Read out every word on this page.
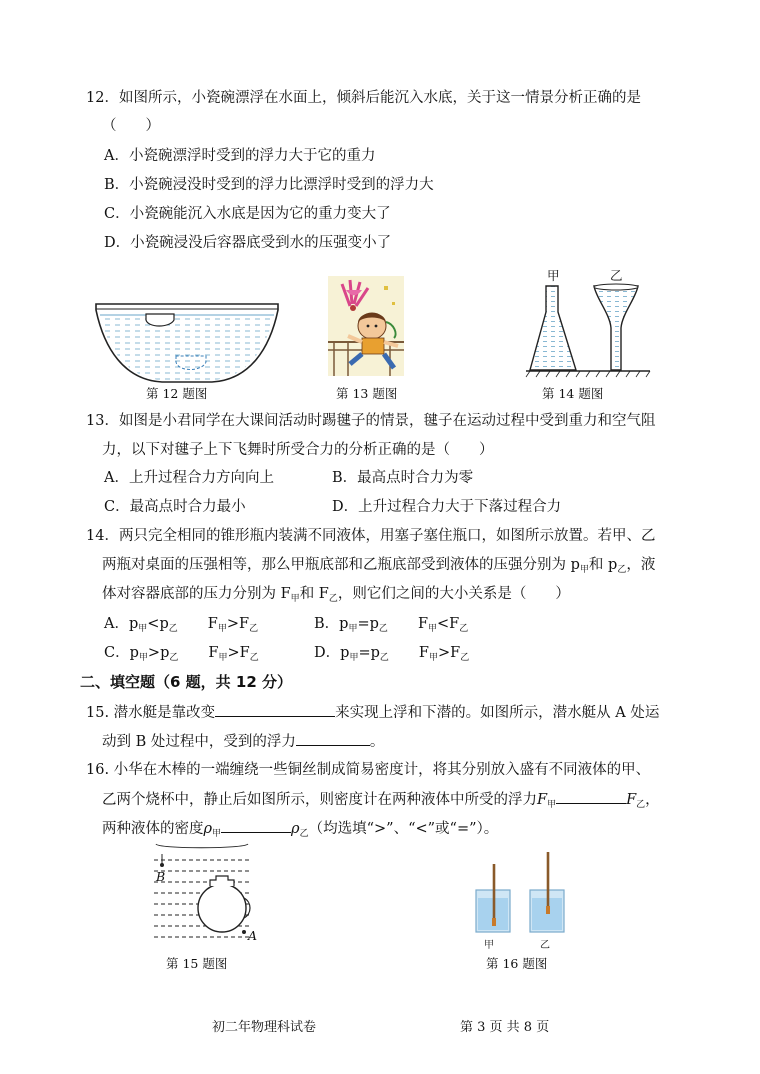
12．如图所示，小瓷碗漂浮在水面上，倾斜后能沉入水底，关于这一情景分析正确的是
（　　）
A．小瓷碗漂浮时受到的浮力大于它的重力
B．小瓷碗浸没时受到的浮力比漂浮时受到的浮力大
C．小瓷碗能沉入水底是因为它的重力变大了
D．小瓷碗浸没后容器底受到水的压强变小了
第 12 题图	第 13 题图
甲	乙
第 14 题图
13．如图是小君同学在大课间活动时踢毽子的情景，毽子在运动过程中受到重力和空气阻
力，以下对毽子上下飞舞时所受合力的分析正确的是（　　）
A．上升过程合力方向向上	B．最高点时合力为零
C．最高点时合力最小	D．上升过程合力大于下落过程合力
14．两只完全相同的锥形瓶内装满不同液体，用塞子塞住瓶口，如图所示放置。若甲、乙
两瓶对桌面的压强相等，那么甲瓶底部和乙瓶底部受到液体的压强分别为 $p_甲$和 $p_乙$，液
体对容器底部的压力分别为 $F_甲$和 $F_乙$，则它们之间的大小关系是（　　）
A．$p_甲<p_乙$ $F_甲>F_乙$	B．$p_甲=p_乙$ $F_甲<F_乙$
C．$p_甲>p_乙$ $F_甲>F_乙$	D．$p_甲=p_乙$ $F_甲>F_乙$
二、填空题（6 题，共 12 分）
15. 潜水艇是靠改变	来实现上浮和下潜的。如图所示，潜水艇从 A 处运
动到 B 处过程中，受到的浮力	。
16. 小华在木棒的一端缠绕一些铜丝制成简易密度计，将其分别放入盛有不同液体的甲、
乙两个烧杯中，静止后如图所示，则密度计在两种液体中所受的浮力$F_甲$	$F_乙$，
两种液体的密度$\rho_甲$	$\rho_乙$（均选填“>”、“<”或“=”）。
B
A
第 15 题图
甲	乙
第 16 题图
初二年物理科试卷	第 3 页 共 8 页
